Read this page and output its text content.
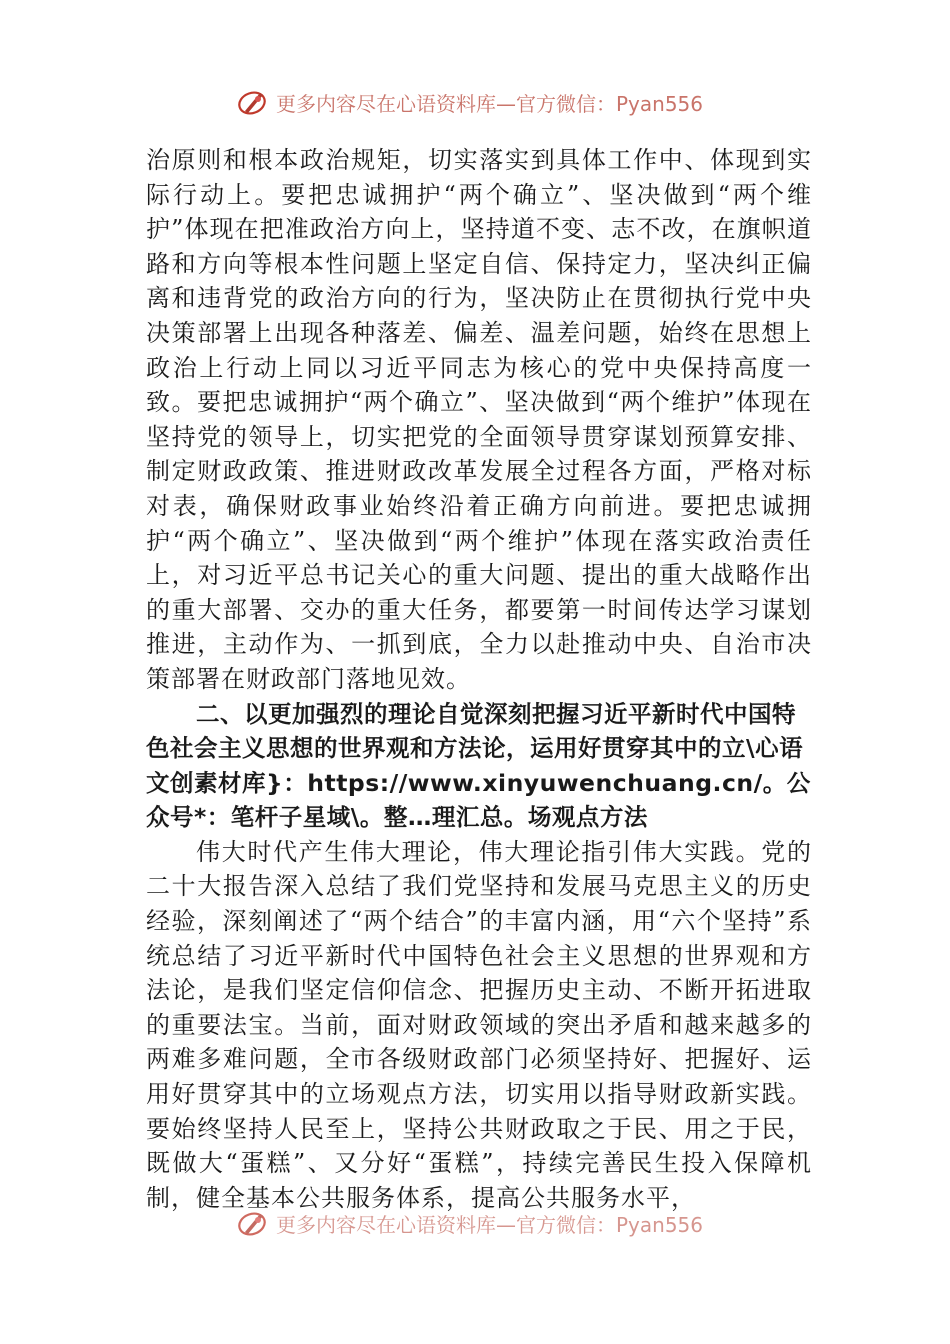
更多内容尽在心语资料库—官方微信：Pyan556

治原则和根本政治规矩，切实落实到具体工作中、体现到实际行动上。要把忠诚拥护“两个确立”、坚决做到“两个维护”体现在把准政治方向上，坚持道不变、志不改，在旗帜道路和方向等根本性问题上坚定自信、保持定力，坚决纠正偏离和违背党的政治方向的行为，坚决防止在贯彻执行党中央决策部署上出现各种落差、偏差、温差问题，始终在思想上政治上行动上同以习近平同志为核心的党中央保持高度一致。要把忠诚拥护“两个确立”、坚决做到“两个维护”体现在坚持党的领导上，切实把党的全面领导贯穿谋划预算安排、制定财政政策、推进财政改革发展全过程各方面，严格对标对表，确保财政事业始终沿着正确方向前进。要把忠诚拥护“两个确立”、坚决做到“两个维护”体现在落实政治责任上，对习近平总书记关心的重大问题、提出的重大战略作出的重大部署、交办的重大任务，都要第一时间传达学习谋划推进，主动作为、一抓到底，全力以赴推动中央、自治市决策部署在财政部门落地见效。

二、以更加强烈的理论自觉深刻把握习近平新时代中国特色社会主义思想的世界观和方法论，运用好贯穿其中的立\心语文创素材库}：https://www.xinyuwenchuang.cn/。公众号*：笔杆子星域\。整…理汇总。场观点方法

伟大时代产生伟大理论，伟大理论指引伟大实践。党的二十大报告深入总结了我们党坚持和发展马克思主义的历史经验，深刻阐述了“两个结合”的丰富内涵，用“六个坚持”系统总结了习近平新时代中国特色社会主义思想的世界观和方法论，是我们坚定信仰信念、把握历史主动、不断开拓进取的重要法宝。当前，面对财政领域的突出矛盾和越来越多的两难多难问题，全市各级财政部门必须坚持好、把握好、运用好贯穿其中的立场观点方法，切实用以指导财政新实践。要始终坚持人民至上，坚持公共财政取之于民、用之于民，既做大“蛋糕”、又分好“蛋糕”，持续完善民生投入保障机制，健全基本公共服务体系，提高公共服务水平，

更多内容尽在心语资料库—官方微信：Pyan556
